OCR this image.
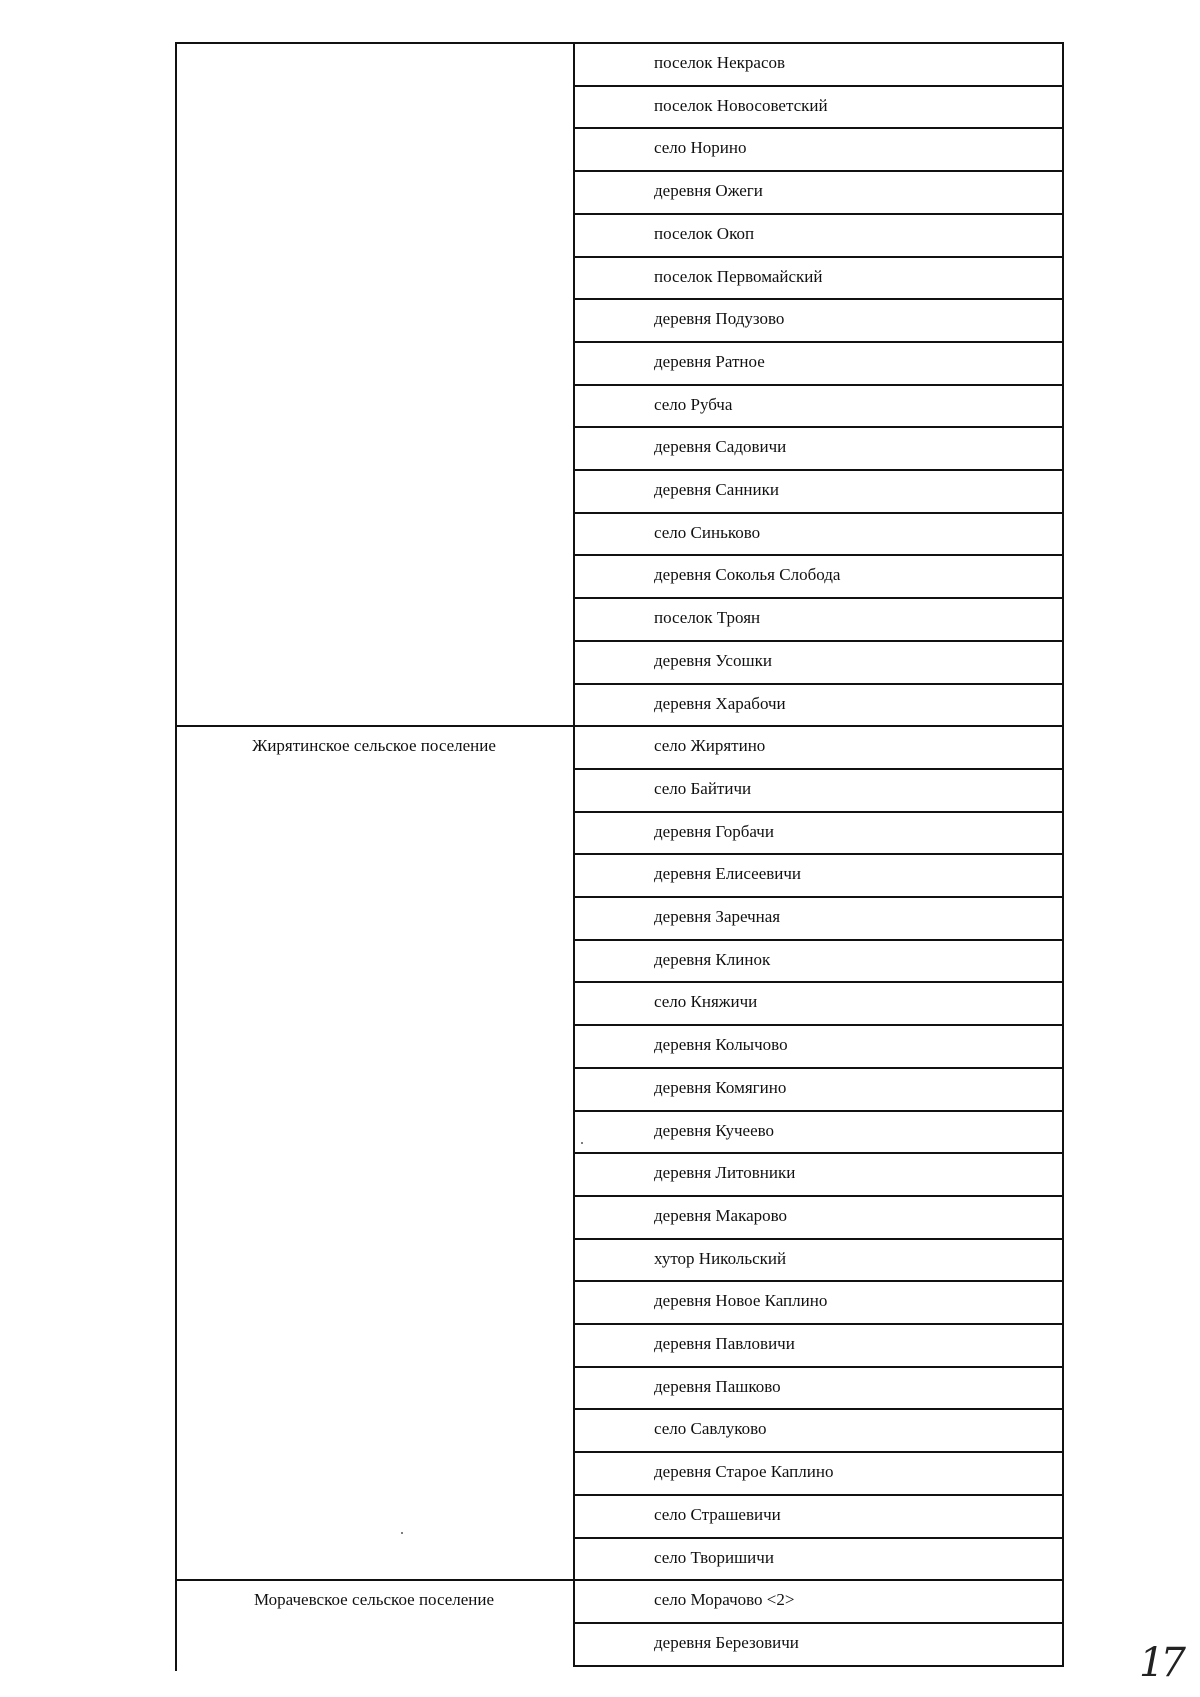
поселок Некрасов
поселок Новосоветский
село Норино
деревня Ожеги
поселок Окоп
поселок Первомайский
деревня Подузово
деревня Ратное
село Рубча
деревня Садовичи
деревня Санники
село Синьково
деревня Соколья Слобода
поселок Троян
деревня Усошки
деревня Харабочи
Жирятинское сельское поселение	село Жирятино
село Байтичи
деревня Горбачи
деревня Елисеевичи
деревня Заречная
деревня Клинок
село Княжичи
деревня Колычово
деревня Комягино
деревня Кучеево
деревня Литовники
деревня Макарово
хутор Никольский
деревня Новое Каплино
деревня Павловичи
деревня Пашково
село Савлуково
деревня Старое Каплино
село Страшевичи
село Творишичи
Морачевское сельское поселение	село Морачово <2>
деревня Березовичи	17
